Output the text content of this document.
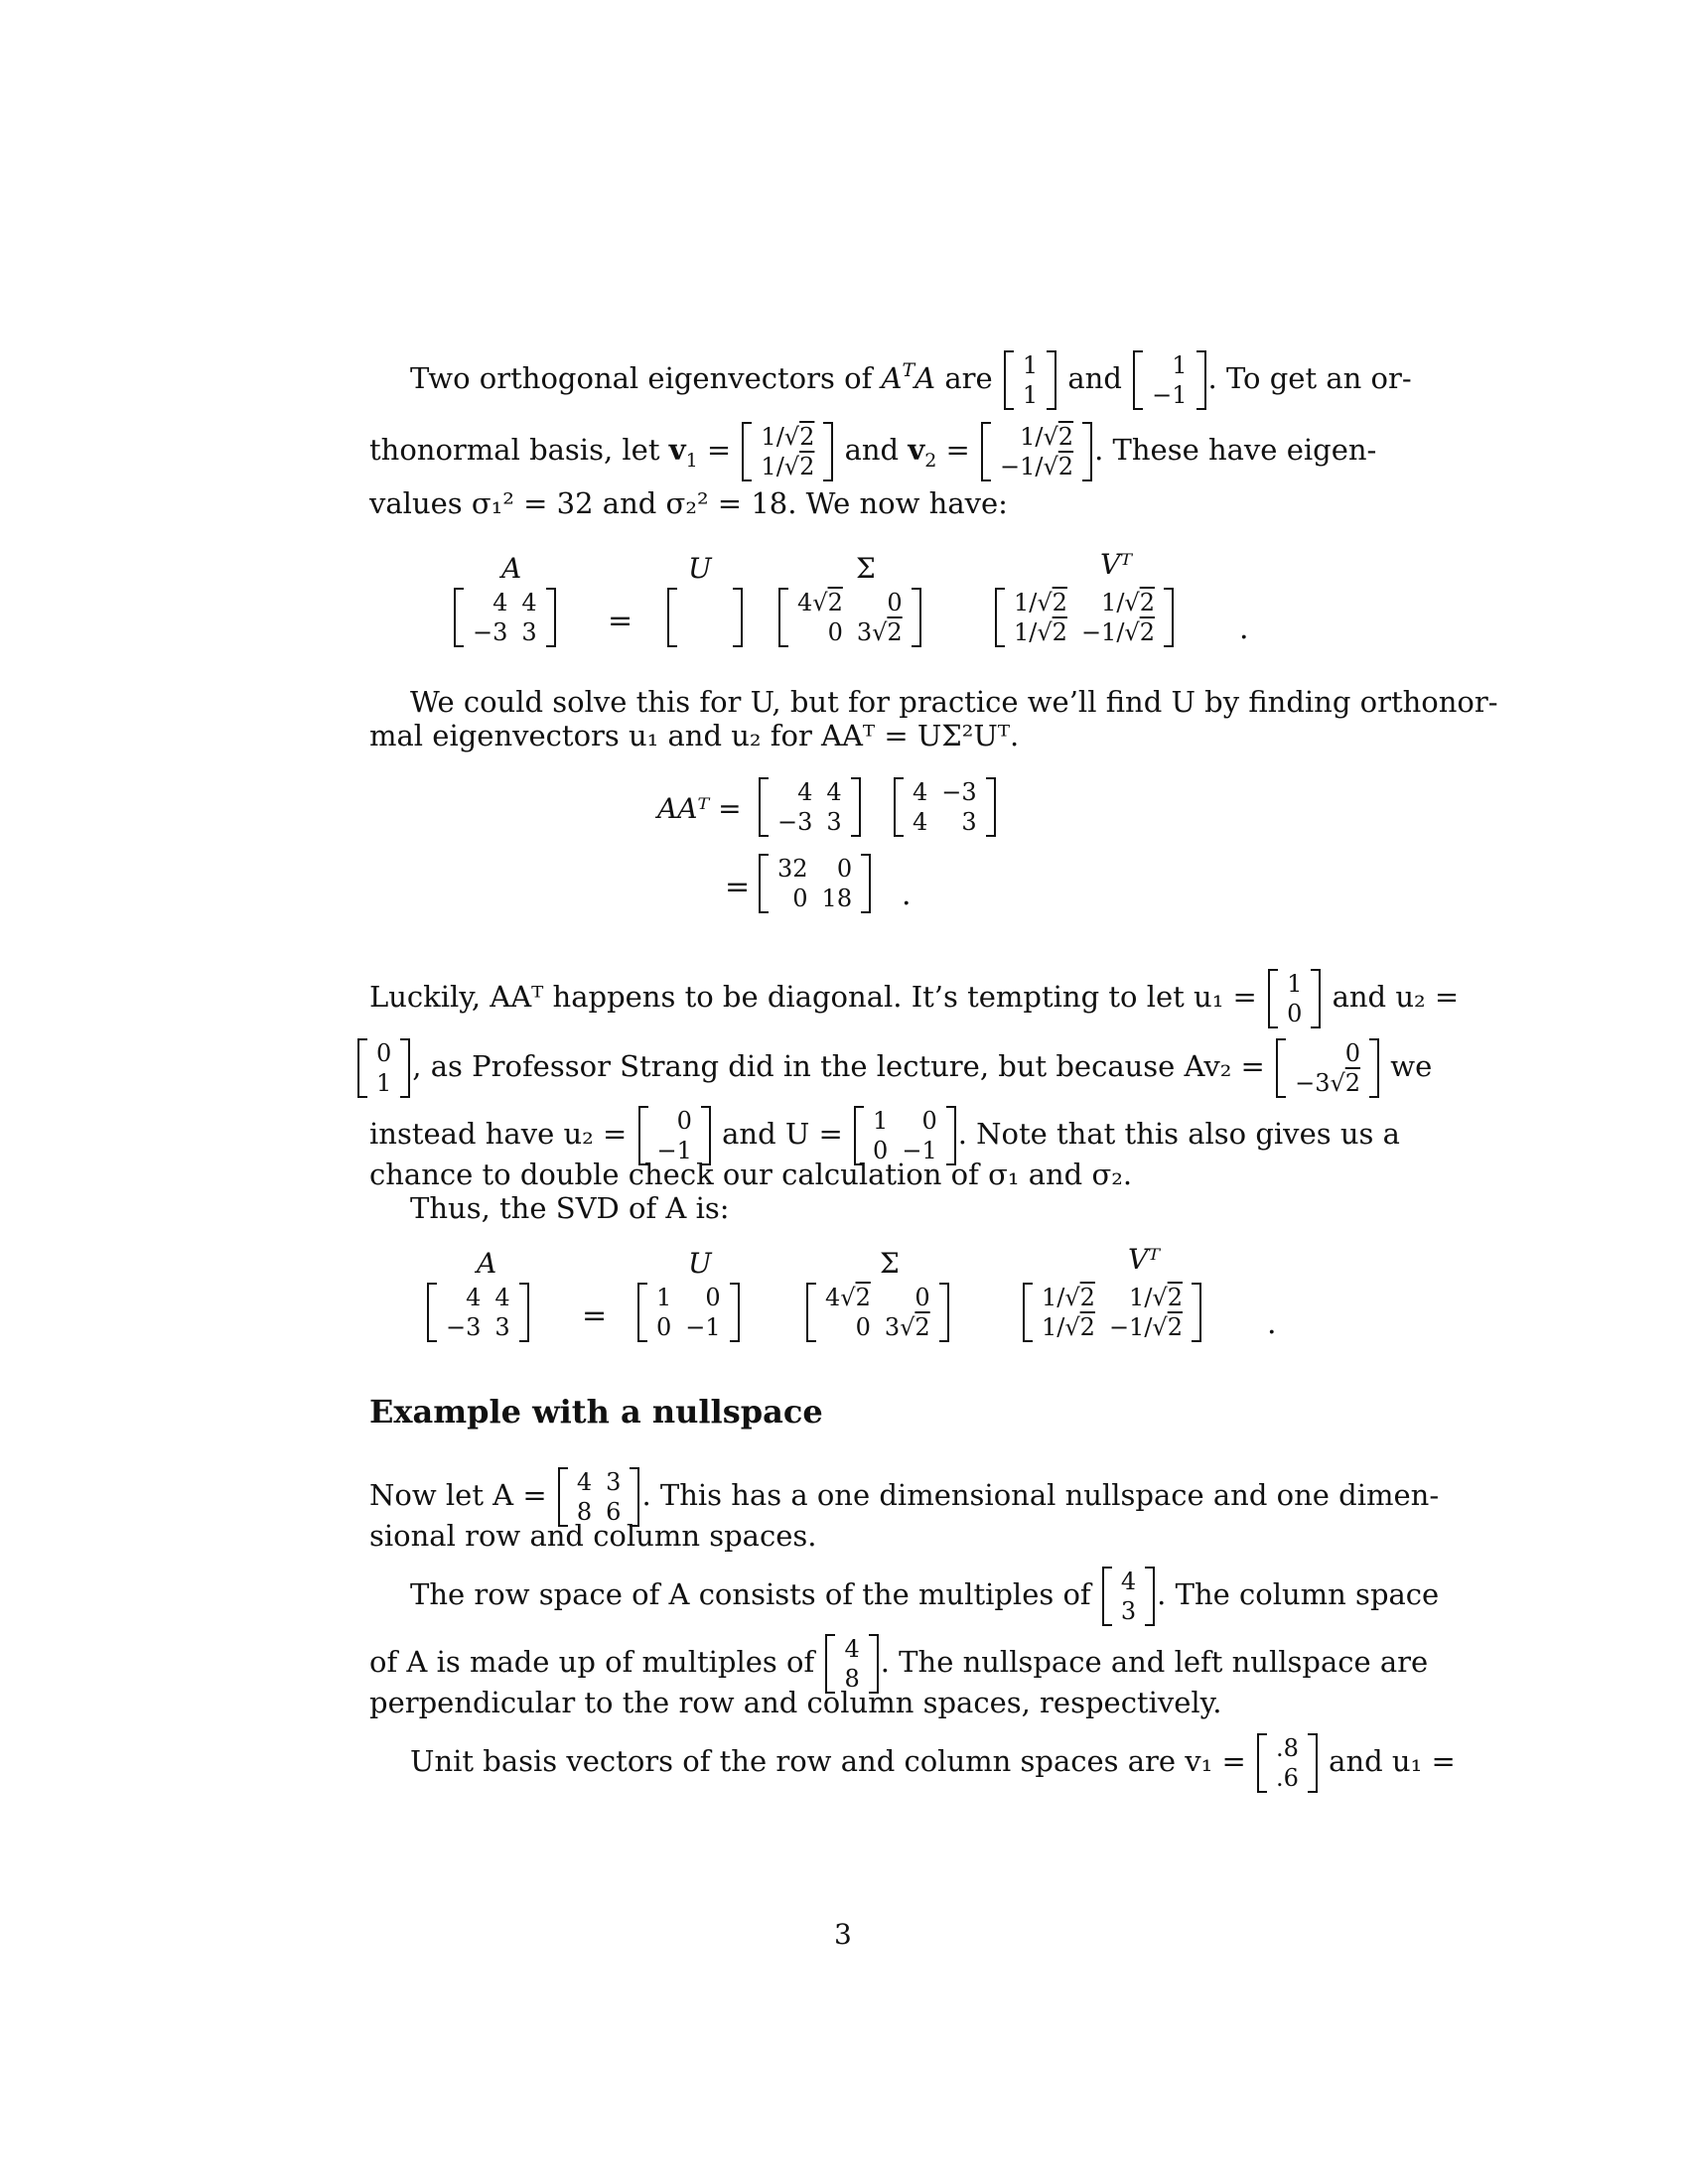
Two orthogonal eigenvectors of $A^TA$ are 1
1 and 1
−1 . To get an or-
thonormal basis, let $v_1 = 1/√2$
1/√2 and $v_2 = 1/√2$
−1/√2 . These have eigen-
values σ₁² = 32 and σ₂² = 18. We now have:
A	U	Σ	Vᵀ
4	4
−3	3 =

4√2	0
0	3√2
1/√2	1/√2
1/√2	−1/√2	.
We could solve this for U, but for practice we’ll find U by finding orthonor-
mal eigenvectors u₁ and u₂ for AAᵀ = UΣ²Uᵀ.
AAᵀ = 4	4
−3	3
4	−3
4	3
=
32	0
0	18 .
Luckily, AAᵀ happens to be diagonal. It’s tempting to let u₁ = 1
0 and u₂ =
0
1 , as Professor Strang did in the lecture, but because Av₂ =	0
−3√2 we
instead have u₂ = 0
−1 and U = 1	0
0	−1 . Note that this also gives us a
chance to double check our calculation of σ₁ and σ₂.
Thus, the SVD of A is:
A	U	Σ	Vᵀ
4	4
−3	3 =
1	0
0	−1
4√2	0
0	3√2
1/√2	1/√2
1/√2	−1/√2	.
Example with a nullspace
Now let A = 4	3
8	6 . This has a one dimensional nullspace and one dimen-
sional row and column spaces.
The row space of A consists of the multiples of 4
3 . The column space
of A is made up of multiples of 4
8 . The nullspace and left nullspace are
perpendicular to the row and column spaces, respectively.
Unit basis vectors of the row and column spaces are v₁ = .8
.6 and u₁ =
3
